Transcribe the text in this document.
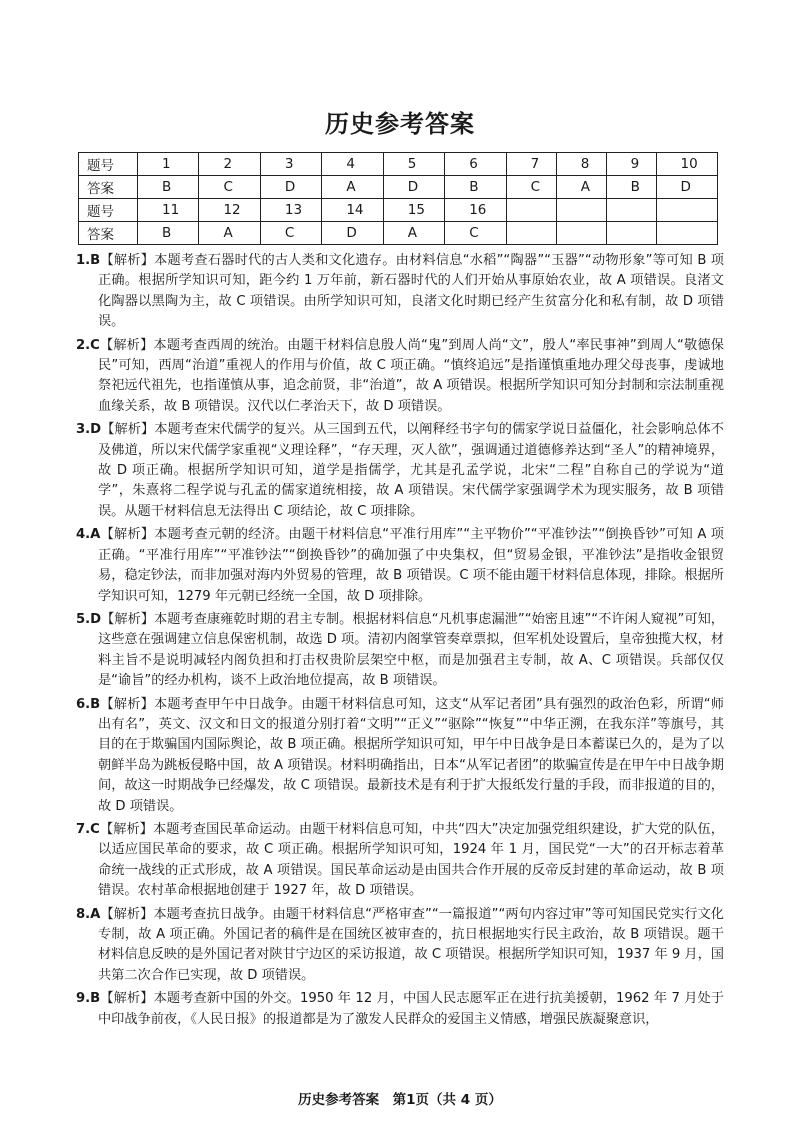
历史参考答案
题号	1	2	3	4	5	6	7	8	9	10
答案	B	C	D	A	D	B	C	A	B	D
题号	11	12	13	14	15	16				
答案	B	A	C	D	A	C				
1.B【解析】本题考查石器时代的古人类和文化遗存。由材料信息“水稻”“陶器”“玉器”“动物形象”等可知 B 项正确。根据所学知识可知，距今约 1 万年前，新石器时代的人们开始从事原始农业，故 A 项错误。良渚文化陶器以黑陶为主，故 C 项错误。由所学知识可知，良渚文化时期已经产生贫富分化和私有制，故 D 项错误。
2.C【解析】本题考查西周的统治。由题干材料信息殷人尚“鬼”到周人尚“文”，殷人“率民事神”到周人“敬德保民”可知，西周“治道”重视人的作用与价值，故 C 项正确。“慎终追远”是指谨慎重地办理父母丧事，虔诚地祭祀远代祖先，也指谨慎从事，追念前贤，非“治道”，故 A 项错误。根据所学知识可知分封制和宗法制重视血缘关系，故 B 项错误。汉代以仁孝治天下，故 D 项错误。
3.D【解析】本题考查宋代儒学的复兴。从三国到五代，以阐释经书字句的儒家学说日益僵化，社会影响总体不及佛道，所以宋代儒学家重视“义理诠释”，“存天理，灭人欲”，强调通过道德修养达到“圣人”的精神境界，故 D 项正确。根据所学知识可知，道学是指儒学，尤其是孔孟学说，北宋“二程”自称自己的学说为“道学”，朱熹将二程学说与孔孟的儒家道统相接，故 A 项错误。宋代儒学家强调学术为现实服务，故 B 项错误。从题干材料信息无法得出 C 项结论，故 C 项排除。
4.A【解析】本题考查元朝的经济。由题干材料信息“平准行用库”“主平物价”“平准钞法”“倒换昏钞”可知 A 项正确。“平准行用库”“平准钞法”“倒换昏钞”的确加强了中央集权，但“贸易金银，平准钞法”是指收金银贸易，稳定钞法，而非加强对海内外贸易的管理，故 B 项错误。C 项不能由题干材料信息体现，排除。根据所学知识可知，1279 年元朝已经统一全国，故 D 项排除。
5.D【解析】本题考查康雍乾时期的君主专制。根据材料信息“凡机事虑漏泄”“始密且速”“不许闲人窥视”可知，这些意在强调建立信息保密机制，故选 D 项。清初内阁掌管奏章票拟，但军机处设置后，皇帝独揽大权，材料主旨不是说明减轻内阁负担和打击权贵阶层架空中枢，而是加强君主专制，故 A、C 项错误。兵部仅仅是“谕旨”的经办机构，谈不上政治地位提高，故 B 项错误。
6.B【解析】本题考查甲午中日战争。由题干材料信息可知，这支“从军记者团”具有强烈的政治色彩，所谓“师出有名”，英文、汉文和日文的报道分别打着“文明”“正义”“驱除”“恢复”“中华正溯，在我东洋”等旗号，其目的在于欺骗国内国际舆论，故 B 项正确。根据所学知识可知，甲午中日战争是日本蓄谋已久的，是为了以朝鲜半岛为跳板侵略中国，故 A 项错误。材料明确指出，日本“从军记者团”的欺骗宣传是在甲午中日战争期间，故这一时期战争已经爆发，故 C 项错误。最新技术是有利于扩大报纸发行量的手段，而非报道的目的，故 D 项错误。
7.C【解析】本题考查国民革命运动。由题干材料信息可知，中共“四大”决定加强党组织建设，扩大党的队伍，以适应国民革命的要求，故 C 项正确。根据所学知识可知，1924 年 1 月，国民党“一大”的召开标志着革命统一战线的正式形成，故 A 项错误。国民革命运动是由国共合作开展的反帝反封建的革命运动，故 B 项错误。农村革命根据地创建于 1927 年，故 D 项错误。
8.A【解析】本题考查抗日战争。由题干材料信息“严格审查”“一篇报道”“两句内容过审”等可知国民党实行文化专制，故 A 项正确。外国记者的稿件是在国统区被审查的，抗日根据地实行民主政治，故 B 项错误。题干材料信息反映的是外国记者对陕甘宁边区的采访报道，故 C 项错误。根据所学知识可知，1937 年 9 月，国共第二次合作已实现，故 D 项错误。
9.B【解析】本题考查新中国的外交。1950 年 12 月，中国人民志愿军正在进行抗美援朝，1962 年 7 月处于中印战争前夜，《人民日报》的报道都是为了激发人民群众的爱国主义情感，增强民族凝聚意识，
历史参考答案　第1页（共 4 页）
